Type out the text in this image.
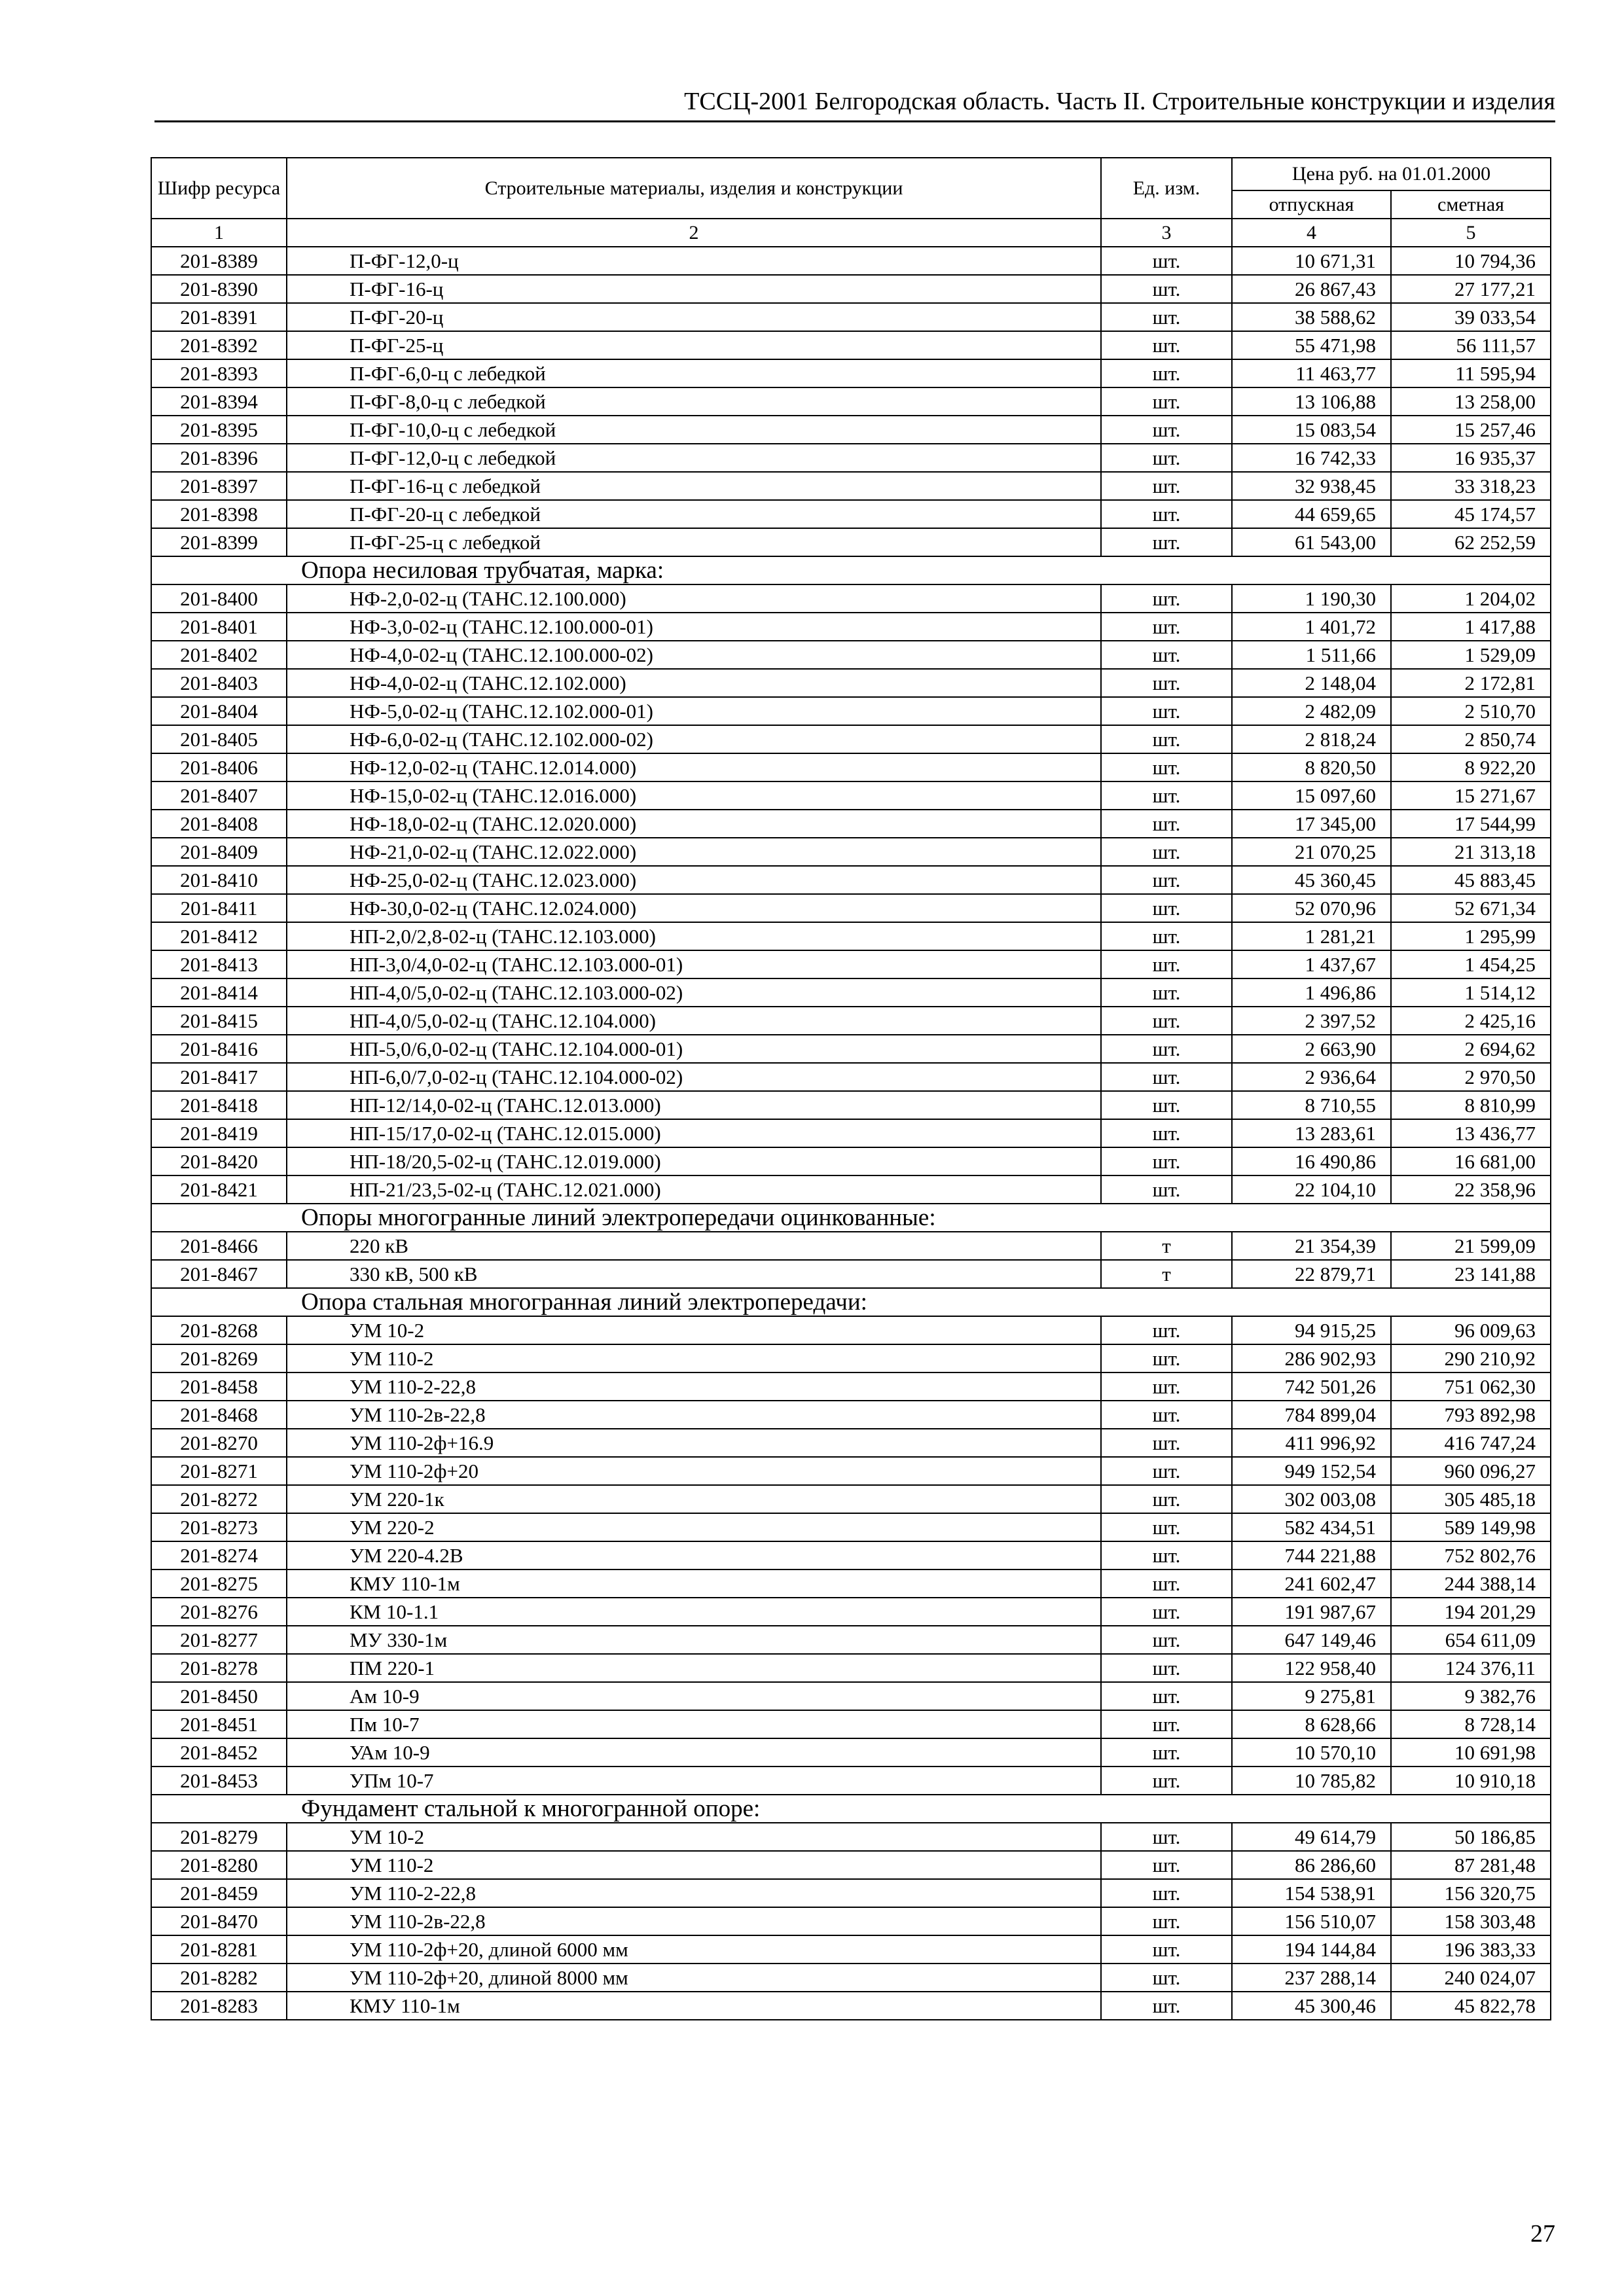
ТССЦ-2001 Белгородская область. Часть II. Строительные конструкции и изделия
Шифр ресурса	Строительные материалы, изделия и конструкции	Ед. изм.	Цена руб. на 01.01.2000	
			отпускная	сметная
1	2	3	4	5
201-8389	П-ФГ-12,0-ц	шт.	10 671,31	10 794,36
201-8390	П-ФГ-16-ц	шт.	26 867,43	27 177,21
201-8391	П-ФГ-20-ц	шт.	38 588,62	39 033,54
201-8392	П-ФГ-25-ц	шт.	55 471,98	56 111,57
201-8393	П-ФГ-6,0-ц с лебедкой	шт.	11 463,77	11 595,94
201-8394	П-ФГ-8,0-ц с лебедкой	шт.	13 106,88	13 258,00
201-8395	П-ФГ-10,0-ц с лебедкой	шт.	15 083,54	15 257,46
201-8396	П-ФГ-12,0-ц с лебедкой	шт.	16 742,33	16 935,37
201-8397	П-ФГ-16-ц с лебедкой	шт.	32 938,45	33 318,23
201-8398	П-ФГ-20-ц с лебедкой	шт.	44 659,65	45 174,57
201-8399	П-ФГ-25-ц с лебедкой	шт.	61 543,00	62 252,59
Опора несиловая трубчатая, марка:				
201-8400	НФ-2,0-02-ц (ТАНС.12.100.000)	шт.	1 190,30	1 204,02
201-8401	НФ-3,0-02-ц (ТАНС.12.100.000-01)	шт.	1 401,72	1 417,88
201-8402	НФ-4,0-02-ц (ТАНС.12.100.000-02)	шт.	1 511,66	1 529,09
201-8403	НФ-4,0-02-ц (ТАНС.12.102.000)	шт.	2 148,04	2 172,81
201-8404	НФ-5,0-02-ц (ТАНС.12.102.000-01)	шт.	2 482,09	2 510,70
201-8405	НФ-6,0-02-ц (ТАНС.12.102.000-02)	шт.	2 818,24	2 850,74
201-8406	НФ-12,0-02-ц (ТАНС.12.014.000)	шт.	8 820,50	8 922,20
201-8407	НФ-15,0-02-ц (ТАНС.12.016.000)	шт.	15 097,60	15 271,67
201-8408	НФ-18,0-02-ц (ТАНС.12.020.000)	шт.	17 345,00	17 544,99
201-8409	НФ-21,0-02-ц (ТАНС.12.022.000)	шт.	21 070,25	21 313,18
201-8410	НФ-25,0-02-ц (ТАНС.12.023.000)	шт.	45 360,45	45 883,45
201-8411	НФ-30,0-02-ц (ТАНС.12.024.000)	шт.	52 070,96	52 671,34
201-8412	НП-2,0/2,8-02-ц (ТАНС.12.103.000)	шт.	1 281,21	1 295,99
201-8413	НП-3,0/4,0-02-ц (ТАНС.12.103.000-01)	шт.	1 437,67	1 454,25
201-8414	НП-4,0/5,0-02-ц (ТАНС.12.103.000-02)	шт.	1 496,86	1 514,12
201-8415	НП-4,0/5,0-02-ц (ТАНС.12.104.000)	шт.	2 397,52	2 425,16
201-8416	НП-5,0/6,0-02-ц (ТАНС.12.104.000-01)	шт.	2 663,90	2 694,62
201-8417	НП-6,0/7,0-02-ц (ТАНС.12.104.000-02)	шт.	2 936,64	2 970,50
201-8418	НП-12/14,0-02-ц (ТАНС.12.013.000)	шт.	8 710,55	8 810,99
201-8419	НП-15/17,0-02-ц (ТАНС.12.015.000)	шт.	13 283,61	13 436,77
201-8420	НП-18/20,5-02-ц (ТАНС.12.019.000)	шт.	16 490,86	16 681,00
201-8421	НП-21/23,5-02-ц (ТАНС.12.021.000)	шт.	22 104,10	22 358,96
Опоры многогранные линий электропередачи оцинкованные:				
201-8466	220 кВ	т	21 354,39	21 599,09
201-8467	330 кВ, 500 кВ	т	22 879,71	23 141,88
Опора стальная многогранная линий электропередачи:				
201-8268	УМ 10-2	шт.	94 915,25	96 009,63
201-8269	УМ 110-2	шт.	286 902,93	290 210,92
201-8458	УМ 110-2-22,8	шт.	742 501,26	751 062,30
201-8468	УМ 110-2в-22,8	шт.	784 899,04	793 892,98
201-8270	УМ 110-2ф+16.9	шт.	411 996,92	416 747,24
201-8271	УМ 110-2ф+20	шт.	949 152,54	960 096,27
201-8272	УМ 220-1к	шт.	302 003,08	305 485,18
201-8273	УМ 220-2	шт.	582 434,51	589 149,98
201-8274	УМ 220-4.2В	шт.	744 221,88	752 802,76
201-8275	КМУ 110-1м	шт.	241 602,47	244 388,14
201-8276	КМ 10-1.1	шт.	191 987,67	194 201,29
201-8277	МУ 330-1м	шт.	647 149,46	654 611,09
201-8278	ПМ 220-1	шт.	122 958,40	124 376,11
201-8450	Ам 10-9	шт.	9 275,81	9 382,76
201-8451	Пм 10-7	шт.	8 628,66	8 728,14
201-8452	УАм 10-9	шт.	10 570,10	10 691,98
201-8453	УПм 10-7	шт.	10 785,82	10 910,18
Фундамент стальной к многогранной опоре:				
201-8279	УМ 10-2	шт.	49 614,79	50 186,85
201-8280	УМ 110-2	шт.	86 286,60	87 281,48
201-8459	УМ 110-2-22,8	шт.	154 538,91	156 320,75
201-8470	УМ 110-2в-22,8	шт.	156 510,07	158 303,48
201-8281	УМ 110-2ф+20, длиной 6000 мм	шт.	194 144,84	196 383,33
201-8282	УМ 110-2ф+20, длиной 8000 мм	шт.	237 288,14	240 024,07
201-8283	КМУ 110-1м	шт.	45 300,46	45 822,78
27
